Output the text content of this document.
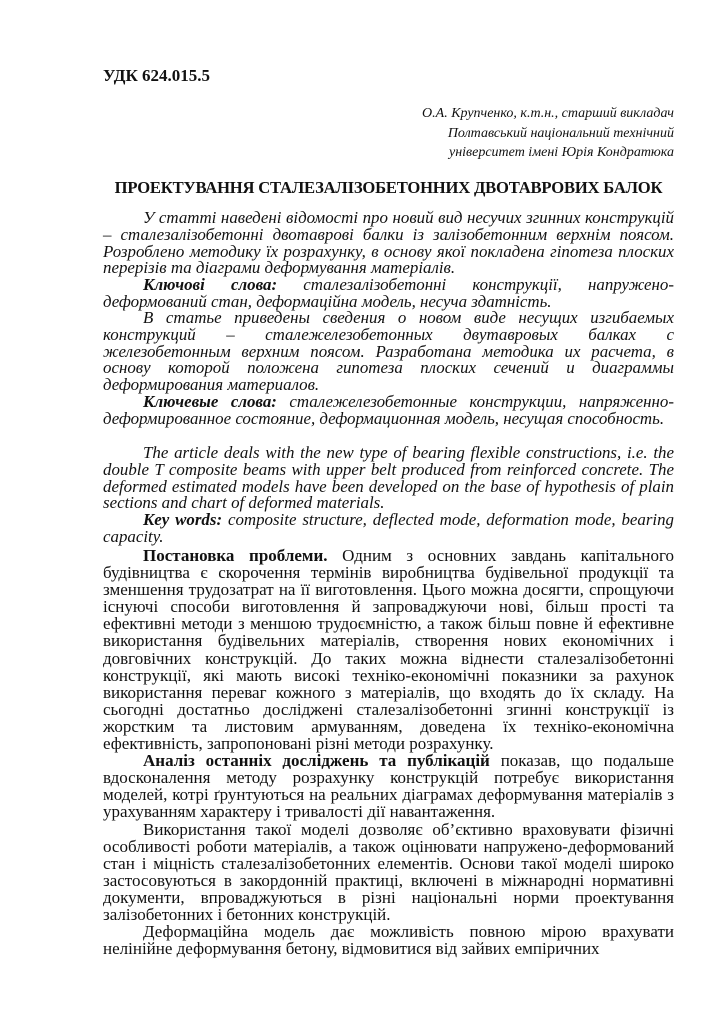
УДК 624.015.5
О.А. Крупченко, к.т.н., старший викладач Полтавський національний технічний університет імені Юрія Кондратюка
ПРОЕКТУВАННЯ СТАЛЕЗАЛІЗОБЕТОННИХ ДВОТАВРОВИХ БАЛОК

У статті наведені відомості про новий вид несучих згинних конструкцій – сталезалізобетонні двотаврові балки із залізобетонним верхнім поясом. Розроблено методику їх розрахунку, в основу якої покладена гіпотеза плоских перерізів та діаграми деформування матеріалів.

Ключові слова: сталезалізобетонні конструкції, напружено-деформований стан, деформаційна модель, несуча здатність.

В статье приведены сведения о новом виде несущих изгибаемых конструкций – сталежелезобетонных двутавровых балках с железобетонным верхним поясом. Разработана методика их расчета, в основу которой положена гипотеза плоских сечений и диаграммы деформирования материалов.

Ключевые слова: сталежелезобетонные конструкции, напряженно-деформированное состояние, деформационная модель, несущая способность.

The article deals with the new type of bearing flexible constructions, i.e. the double T composite beams with upper belt produced from reinforced concrete. The deformed estimated models have been developed on the base of hypothesis of plain sections and chart of deformed materials.

Key words: composite structure, deflected mode, deformation mode, bearing capacity.

Постановка проблеми. Одним з основних завдань капітального будівництва є скорочення термінів виробництва будівельної продукції та зменшення трудозатрат на її виготовлення. Цього можна досягти, спрощуючи існуючі способи виготовлення й запроваджуючи нові, більш прості та ефективні методи з меншою трудоємністю, а також більш повне й ефективне використання будівельних матеріалів, створення нових економічних і довговічних конструкцій. До таких можна віднести сталезалізобетонні конструкції, які мають високі техніко-економічні показники за рахунок використання переваг кожного з матеріалів, що входять до їх складу. На сьогодні достатньо досліджені сталезалізобетонні згинні конструкції із жорстким та листовим армуванням, доведена їх техніко-економічна ефективність, запропоновані різні методи розрахунку.

Аналіз останніх досліджень та публікацій показав, що подальше вдосконалення методу розрахунку конструкцій потребує використання моделей, котрі ґрунтуються на реальних діаграмах деформування матеріалів з урахуванням характеру і тривалості дії навантаження.

Використання такої моделі дозволяє об’єктивно враховувати фізичні особливості роботи матеріалів, а також оцінювати напружено-деформований стан і міцність сталезалізобетонних елементів. Основи такої моделі широко застосовуються в закордонній практиці, включені в міжнародні нормативні документи, впроваджуються в різні національні норми проектування залізобетонних і бетонних конструкцій.

Деформаційна модель дає можливість повною мірою врахувати нелінійне деформування бетону, відмовитися від зайвих емпіричних
